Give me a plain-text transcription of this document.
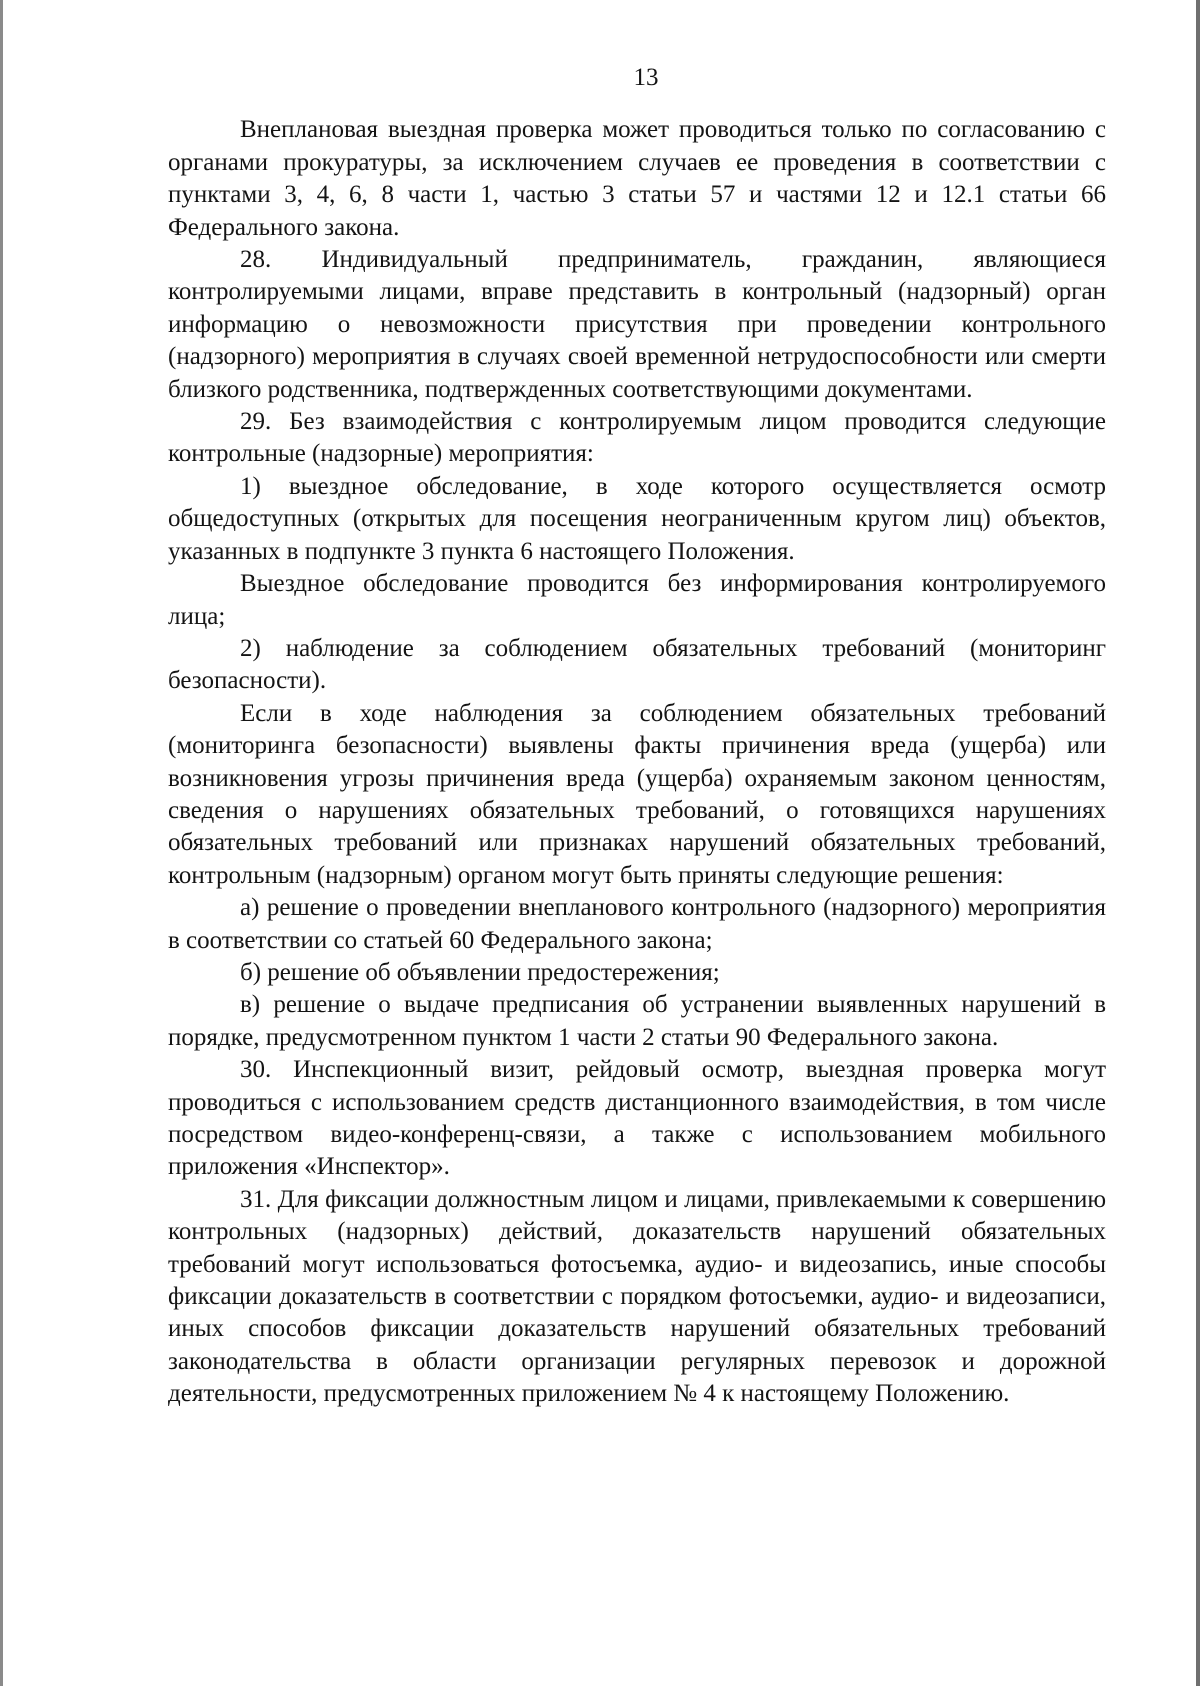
13

Внеплановая выездная проверка может проводиться только по согласованию с органами прокуратуры, за исключением случаев ее проведения в соответствии с пунктами 3, 4, 6, 8 части 1, частью 3 статьи 57 и частями 12 и 12.1 статьи 66 Федерального закона.

28. Индивидуальный предприниматель, гражданин, являющиеся контролируемыми лицами, вправе представить в контрольный (надзорный) орган информацию о невозможности присутствия при проведении контрольного (надзорного) мероприятия в случаях своей временной нетрудоспособности или смерти близкого родственника, подтвержденных соответствующими документами.

29. Без взаимодействия с контролируемым лицом проводится следующие контрольные (надзорные) мероприятия:

1) выездное обследование, в ходе которого осуществляется осмотр общедоступных (открытых для посещения неограниченным кругом лиц) объектов, указанных в подпункте 3 пункта 6 настоящего Положения.

Выездное обследование проводится без информирования контролируемого лица;

2) наблюдение за соблюдением обязательных требований (мониторинг безопасности).

Если в ходе наблюдения за соблюдением обязательных требований (мониторинга безопасности) выявлены факты причинения вреда (ущерба) или возникновения угрозы причинения вреда (ущерба) охраняемым законом ценностям, сведения о нарушениях обязательных требований, о готовящихся нарушениях обязательных требований или признаках нарушений обязательных требований, контрольным (надзорным) органом могут быть приняты следующие решения:

а) решение о проведении внепланового контрольного (надзорного) мероприятия в соответствии со статьей 60 Федерального закона;

б) решение об объявлении предостережения;

в) решение о выдаче предписания об устранении выявленных нарушений в порядке, предусмотренном пунктом 1 части 2 статьи 90 Федерального закона.

30. Инспекционный визит, рейдовый осмотр, выездная проверка могут проводиться с использованием средств дистанционного взаимодействия, в том числе посредством видео-конференц-связи, а также с использованием мобильного приложения «Инспектор».

31. Для фиксации должностным лицом и лицами, привлекаемыми к совершению контрольных (надзорных) действий, доказательств нарушений обязательных требований могут использоваться фотосъемка, аудио- и видеозапись, иные способы фиксации доказательств в соответствии с порядком фотосъемки, аудио- и видеозаписи, иных способов фиксации доказательств нарушений обязательных требований законодательства в области организации регулярных перевозок и дорожной деятельности, предусмотренных приложением № 4 к настоящему Положению.
